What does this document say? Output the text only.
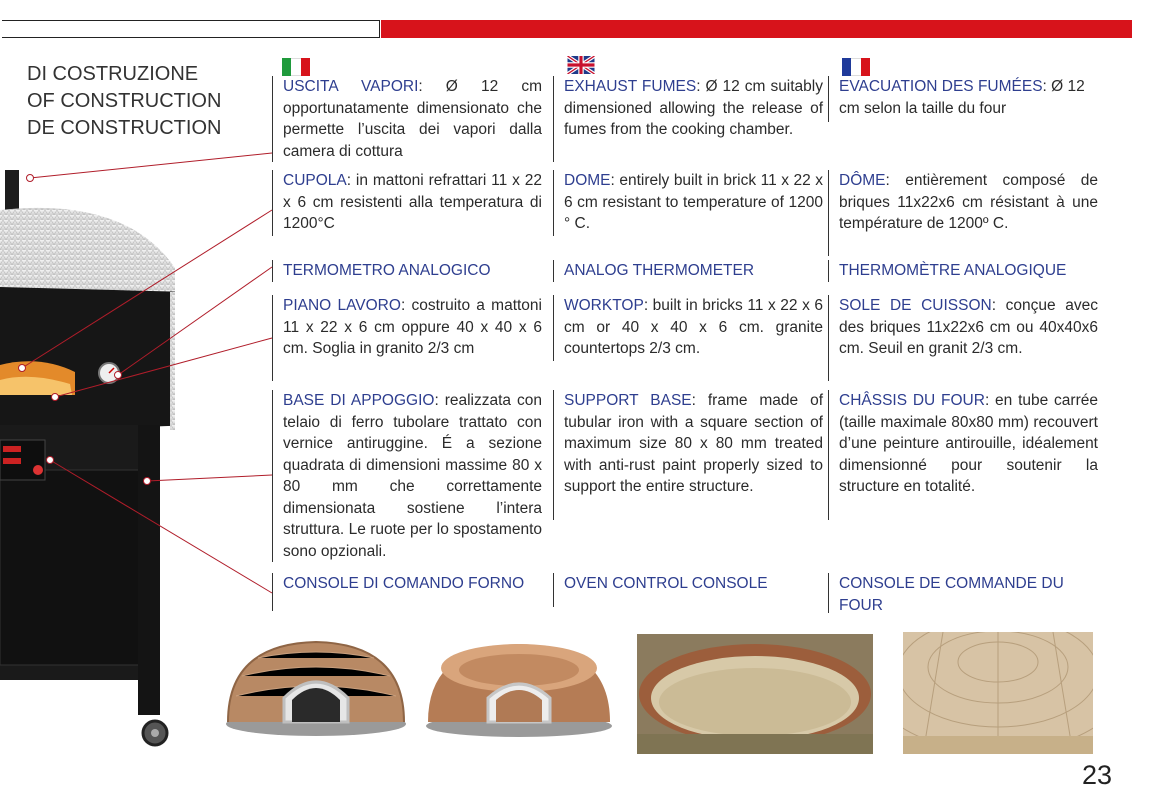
DI COSTRUZIONE
OF CONSTRUCTION
DE CONSTRUCTION
USCITA VAPORI: Ø 12 cm opportunatamente dimensionato che permette l’uscita dei vapori dalla camera di cottura
CUPOLA: in mattoni refrattari 11 x 22 x 6 cm resistenti alla temperatura di 1200°C
TERMOMETRO ANALOGICO
PIANO LAVORO: costruito a mattoni 11 x 22 x 6 cm oppure 40 x 40 x 6 cm. Soglia in granito 2/3 cm
BASE DI APPOGGIO: realizzata con telaio di ferro tubolare trattato con vernice antiruggine. É a sezione quadrata di dimensioni massime 80 x 80 mm che correttamente dimensionata sostiene l’intera struttura. Le ruote per lo spostamento sono opzionali.
CONSOLE DI COMANDO FORNO
EXHAUST FUMES: Ø 12 cm suitably dimensioned allowing the release of fumes from the cooking chamber.
DOME: entirely built in brick 11 x 22 x 6 cm resistant to temperature of 1200 ° C.
ANALOG THERMOMETER
WORKTOP: built in bricks 11 x 22 x 6 cm or 40 x 40 x 6 cm. granite countertops 2/3 cm.
SUPPORT BASE: frame made of tubular iron with a square section of maximum size 80 x 80 mm treated with anti-rust paint properly sized to support the entire structure.
OVEN CONTROL CONSOLE
EVACUATION DES FUMÉES: Ø 12 cm selon la taille du four
DÔME: entièrement composé de briques 11x22x6 cm résistant à une température de 1200º C.
THERMOMÈTRE ANALOGIQUE
SOLE DE CUISSON: conçue avec des briques 11x22x6 cm ou 40x40x6 cm. Seuil en granit 2/3 cm.
CHÂSSIS DU FOUR: en tube carrée (taille maximale 80x80 mm) recouvert d’une peinture antirouille, idéalement dimensionné pour soutenir la structure en totalité.
CONSOLE DE COMMANDE DU FOUR
23
